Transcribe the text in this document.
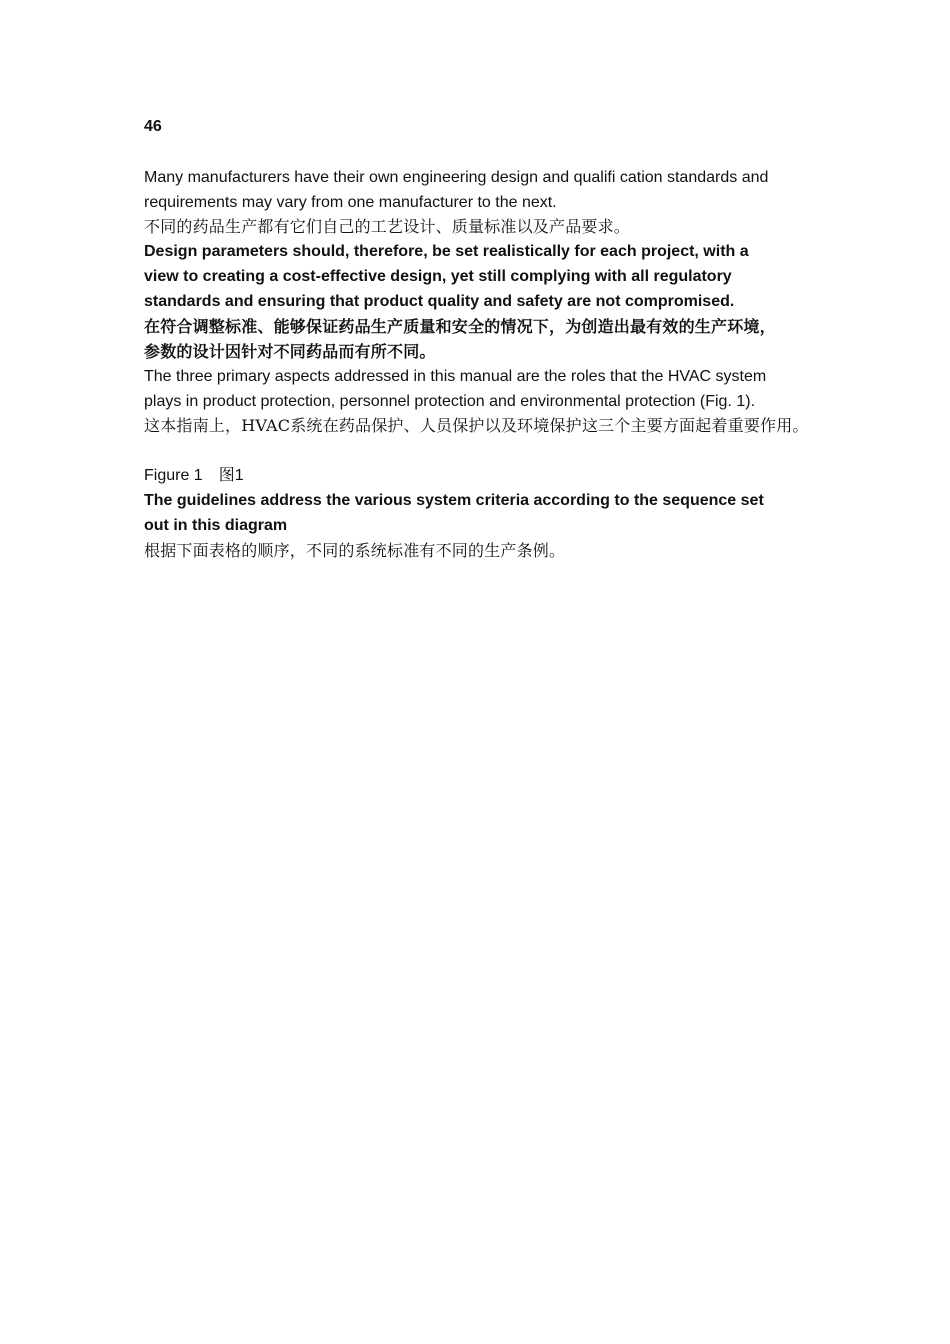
46
Many manufacturers have their own engineering design and qualifi cation standards and
requirements may vary from one manufacturer to the next.
不同的药品生产都有它们自己的工艺设计、质量标准以及产品要求。
Design parameters should, therefore, be set realistically for each project, with a
view to creating a cost-effective design, yet still complying with all regulatory
standards and ensuring that product quality and safety are not compromised.
在符合调整标准、能够保证药品生产质量和安全的情况下，为创造出最有效的生产环境，
参数的设计因针对不同药品而有所不同。
The three primary aspects addressed in this manual are the roles that the HVAC system
plays in product protection, personnel protection and environmental protection (Fig. 1).
这本指南上，HVAC系统在药品保护、人员保护以及环境保护这三个主要方面起着重要作用。
Figure 1　图1
The guidelines address the various system criteria according to the sequence set
out in this diagram
根据下面表格的顺序，不同的系统标准有不同的生产条例。
